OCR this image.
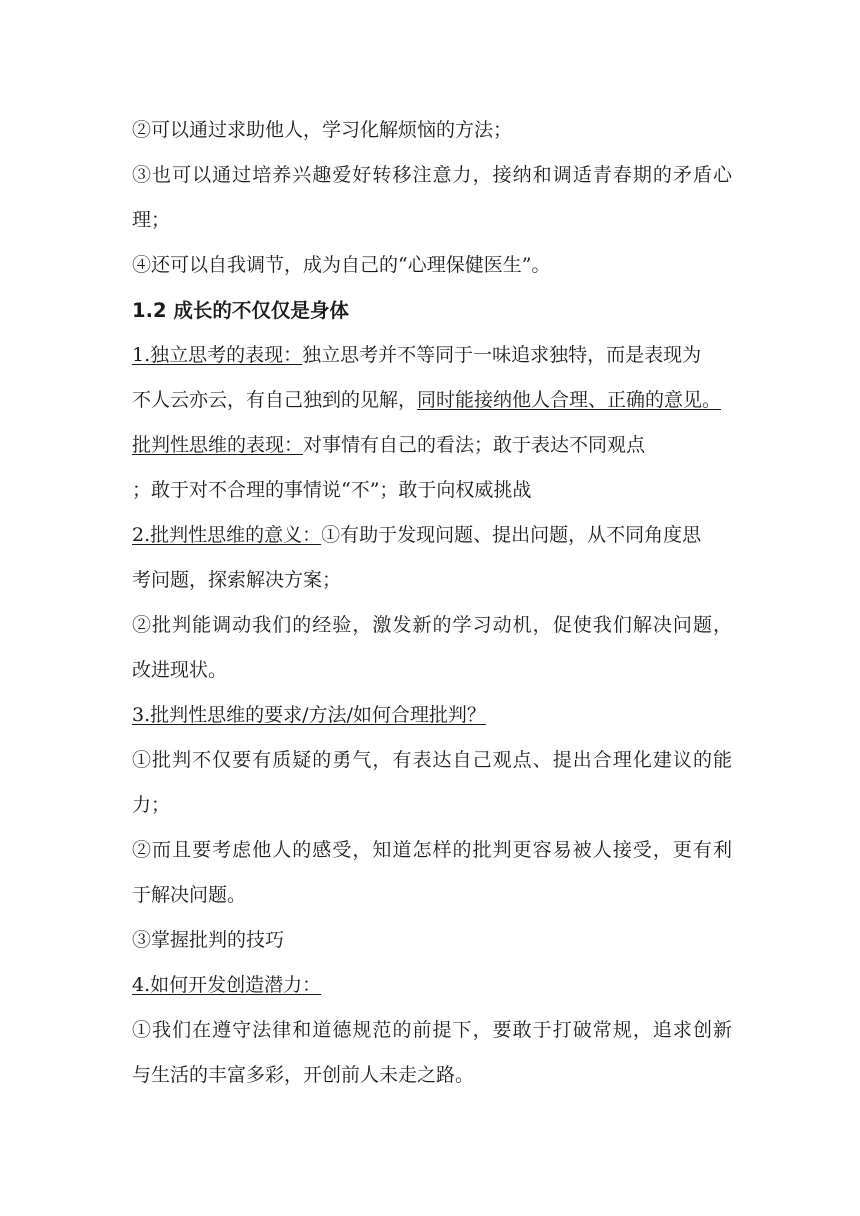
②可以通过求助他人，学习化解烦恼的方法；
③也可以通过培养兴趣爱好转移注意力，接纳和调适青春期的矛盾心
理；
④还可以自我调节，成为自己的“心理保健医生”。
1.2 成长的不仅仅是身体
1.独立思考的表现：独立思考并不等同于一味追求独特，而是表现为
不人云亦云，有自己独到的见解，同时能接纳他人合理、正确的意见。
批判性思维的表现：对事情有自己的看法；敢于表达不同观点
；敢于对不合理的事情说“不”；敢于向权威挑战
2.批判性思维的意义：①有助于发现问题、提出问题，从不同角度思
考问题，探索解决方案；
②批判能调动我们的经验，激发新的学习动机，促使我们解决问题，
改进现状。
3.批判性思维的要求/方法/如何合理批判？
①批判不仅要有质疑的勇气，有表达自己观点、提出合理化建议的能
力；
②而且要考虑他人的感受，知道怎样的批判更容易被人接受，更有利
于解决问题。
③掌握批判的技巧
4.如何开发创造潜力：
①我们在遵守法律和道德规范的前提下，要敢于打破常规，追求创新
与生活的丰富多彩，开创前人未走之路。
